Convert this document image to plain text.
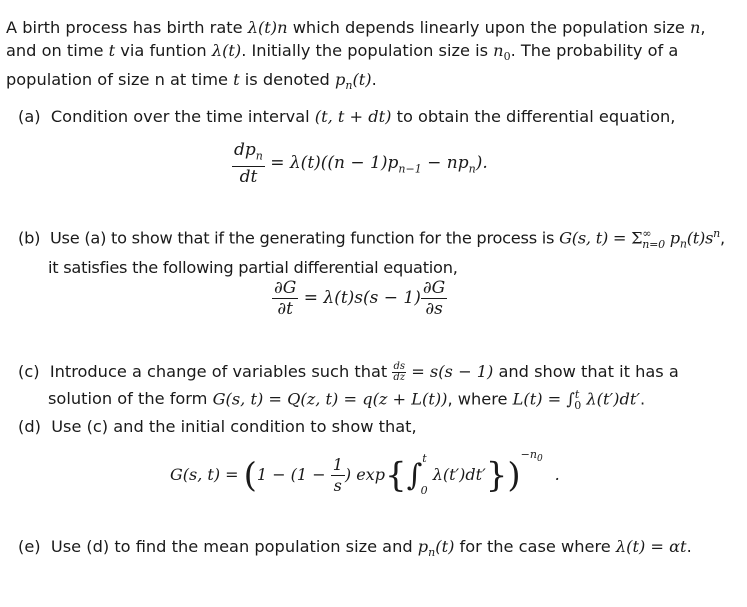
A birth process has birth rate λ(t)n which depends linearly upon the population size n,
and on time t via funtion λ(t). Initially the population size is $n_0$. The probability of a
population of size n at time t is denoted $p_n(t)$.
(a) Condition over the time interval (t, t + dt) to obtain the differential equation,
$\frac{dp_n}{dt} = \lambda(t)((n - 1)p_{n-1} - np_n)$.
(b) Use (a) to show that if the generating function for the process is G(s, $t) = \Sigma^\infty_{n=0}$ $p_n(t)s^n$,
it satisfies the following partial differential equation,
$\frac{\partial G}{\partial t} = \lambda(t)s(s - 1) \frac{\partial G}{\partial s}$
(c) Introduce a change of variables such that $\frac{ds}{dz} = s(s - 1)$ and show that it has a
solution of the form G(s, t) = Q(z, t) = q(z + L(t)), where L(t) = ∫$^t_0$ λ(t′)dt′.
(d) Use (c) and the initial condition to show that,
G(s, $t) = (1 - (1 - \frac{1}{s}$ ) exp{∫$^t_0$ λ(t′)dt′})$^{-n_0}$.
(e) Use (d) to find the mean population size and $p_n(t)$ for the case where λ(t) = αt.
